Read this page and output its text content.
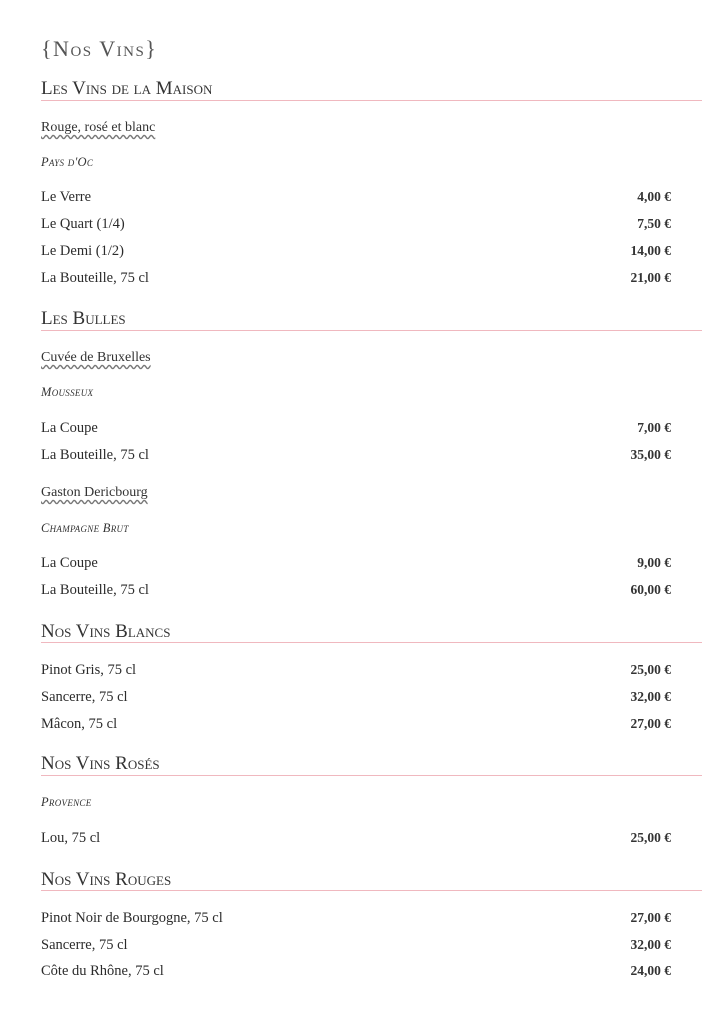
{Nos Vins}
Les Vins de la Maison
Rouge, rosé et blanc
Pays d'Oc
Le Verre	4,00 €
Le Quart (1/4)	7,50 €
Le Demi (1/2)	14,00 €
La Bouteille, 75 cl	21,00 €
Les Bulles
Cuvée de Bruxelles
Mousseux
La Coupe	7,00 €
La Bouteille, 75 cl	35,00 €
Gaston Dericbourg
Champagne Brut
La Coupe	9,00 €
La Bouteille, 75 cl	60,00 €
Nos Vins Blancs
Pinot Gris, 75 cl	25,00 €
Sancerre, 75 cl	32,00 €
Mâcon, 75 cl	27,00 €
Nos Vins Rosés
Provence
Lou, 75 cl	25,00 €
Nos Vins Rouges
Pinot Noir de Bourgogne, 75 cl	27,00 €
Sancerre, 75 cl	32,00 €
Côte du Rhône, 75 cl	24,00 €
